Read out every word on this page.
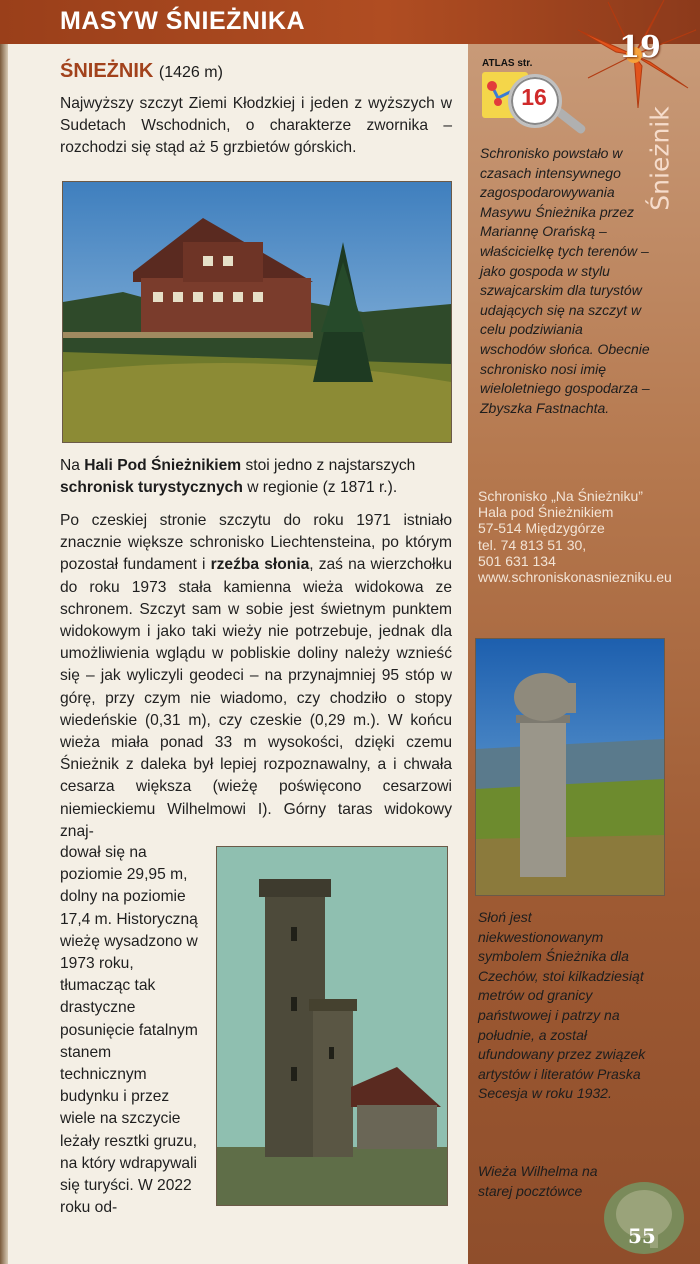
MASYW ŚNIEŻNIKA
19
Śnieżnik
ŚNIEŻNIK (1426 m)
Najwyższy szczyt Ziemi Kłodzkiej i jeden z wyższych w Sudetach Wschodnich, o charakterze zwornika – rozchodzi się stąd aż 5 grzbietów górskich.
ATLAS str.
16
Schronisko powstało w czasach intensywnego zagospodarowywania Masywu Śnieżnika przez Mariannę Orańską – właścicielkę tych terenów – jako gospoda w stylu szwajcarskim dla turystów udających się na szczyt w celu podziwiania wschodów słońca. Obecnie schronisko nosi imię wieloletniego gospodarza – Zbyszka Fastnachta.
Na Hali Pod Śnieżnikiem stoi jedno z najstarszych schronisk turystycznych w regionie (z 1871 r.).	Schronisko „Na Śnieżniku”
Hala pod Śnieżnikiem
57-514 Międzygórze
tel. 74 813 51 30,
501 631 134
www.schroniskonasniezniku.eu
Po czeskiej stronie szczytu do roku 1971 istniało znacznie większe schronisko Liechtensteina, po którym pozostał fundament i rzeźba słonia, zaś na wierzchołku do roku 1973 stała kamienna wieża widokowa ze schronem. Szczyt sam w sobie jest świetnym punktem widokowym i jako taki wieży nie potrzebuje, jednak dla umożliwienia wglądu w pobliskie doliny należy wznieść się – jak wyliczyli geodeci – na przynajmniej 95 stóp w górę, przy czym nie wiadomo, czy chodziło o stopy wiedeńskie (0,31 m), czy czeskie (0,29 m.). W końcu wieża miała ponad 33 m wysokości, dzięki czemu Śnieżnik z daleka był lepiej rozpoznawalny, a i chwała cesarza większa (wieżę poświęcono cesarzowi niemieckiemu Wilhelmowi I). Górny taras widokowy znaj-
dował się na poziomie 29,95 m, dolny na poziomie 17,4 m. Historyczną wieżę wysadzono w 1973 roku, tłumacząc tak drastyczne posunięcie fatalnym stanem technicznym budynku i przez wiele na szczycie leżały resztki gruzu, na który wdrapywali się turyści. W 2022 roku od-
Słoń jest niekwestionowanym symbolem Śnieżnika dla Czechów, stoi kilkadziesiąt metrów od granicy państwowej i patrzy na południe, a został ufundowany przez związek artystów i literatów Praska Secesja w roku 1932.
Wieża Wilhelma na starej pocztówce
55
